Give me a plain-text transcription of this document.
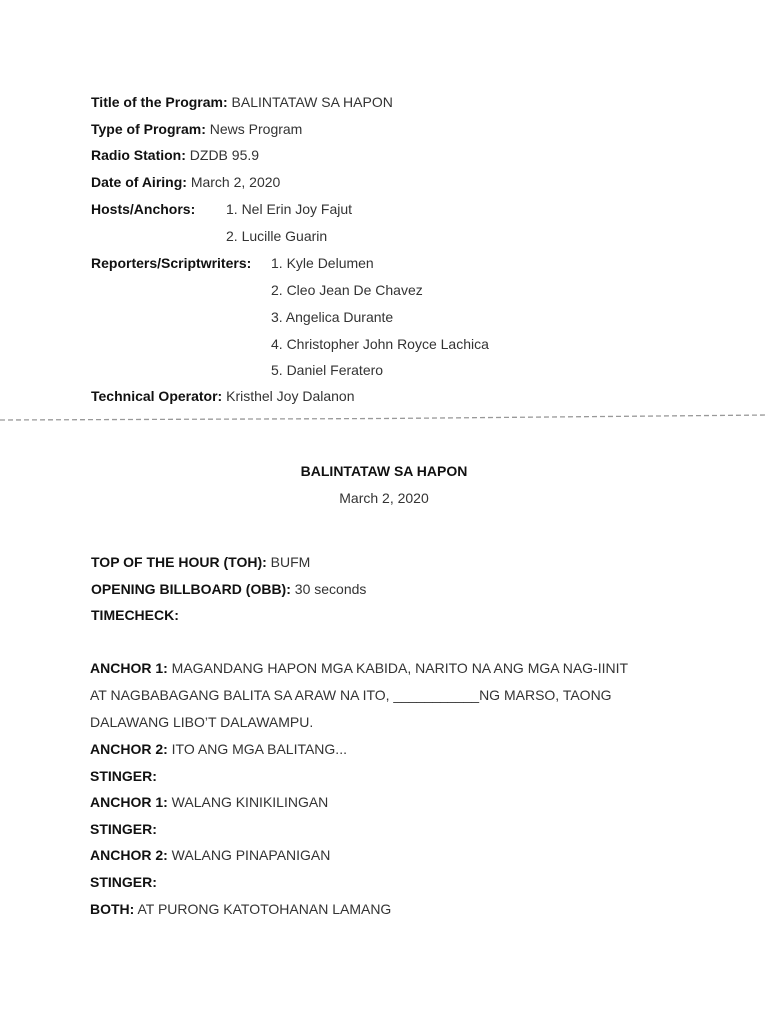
Title of the Program: BALINTATAW SA HAPON
Type of Program: News Program
Radio Station: DZDB 95.9
Date of Airing: March 2, 2020
Hosts/Anchors: 1. Nel Erin Joy Fajut
2. Lucille Guarin
Reporters/Scriptwriters: 1. Kyle Delumen
2. Cleo Jean De Chavez
3. Angelica Durante
4. Christopher John Royce Lachica
5. Daniel Feratero
Technical Operator: Kristhel Joy Dalanon
BALINTATAW SA HAPON
March 2, 2020
TOP OF THE HOUR (TOH): BUFM
OPENING BILLBOARD (OBB): 30 seconds
TIMECHECK:
ANCHOR 1: MAGANDANG HAPON MGA KABIDA, NARITO NA ANG MGA NAG-IINIT
AT NAGBABAGANG BALITA SA ARAW NA ITO, ___________NG MARSO, TAONG
DALAWANG LIBO’T DALAWAMPU.
ANCHOR 2: ITO ANG MGA BALITANG...
STINGER:
ANCHOR 1: WALANG KINIKILINGAN
STINGER:
ANCHOR 2: WALANG PINAPANIGAN
STINGER:
BOTH: AT PURONG KATOTOHANAN LAMANG
